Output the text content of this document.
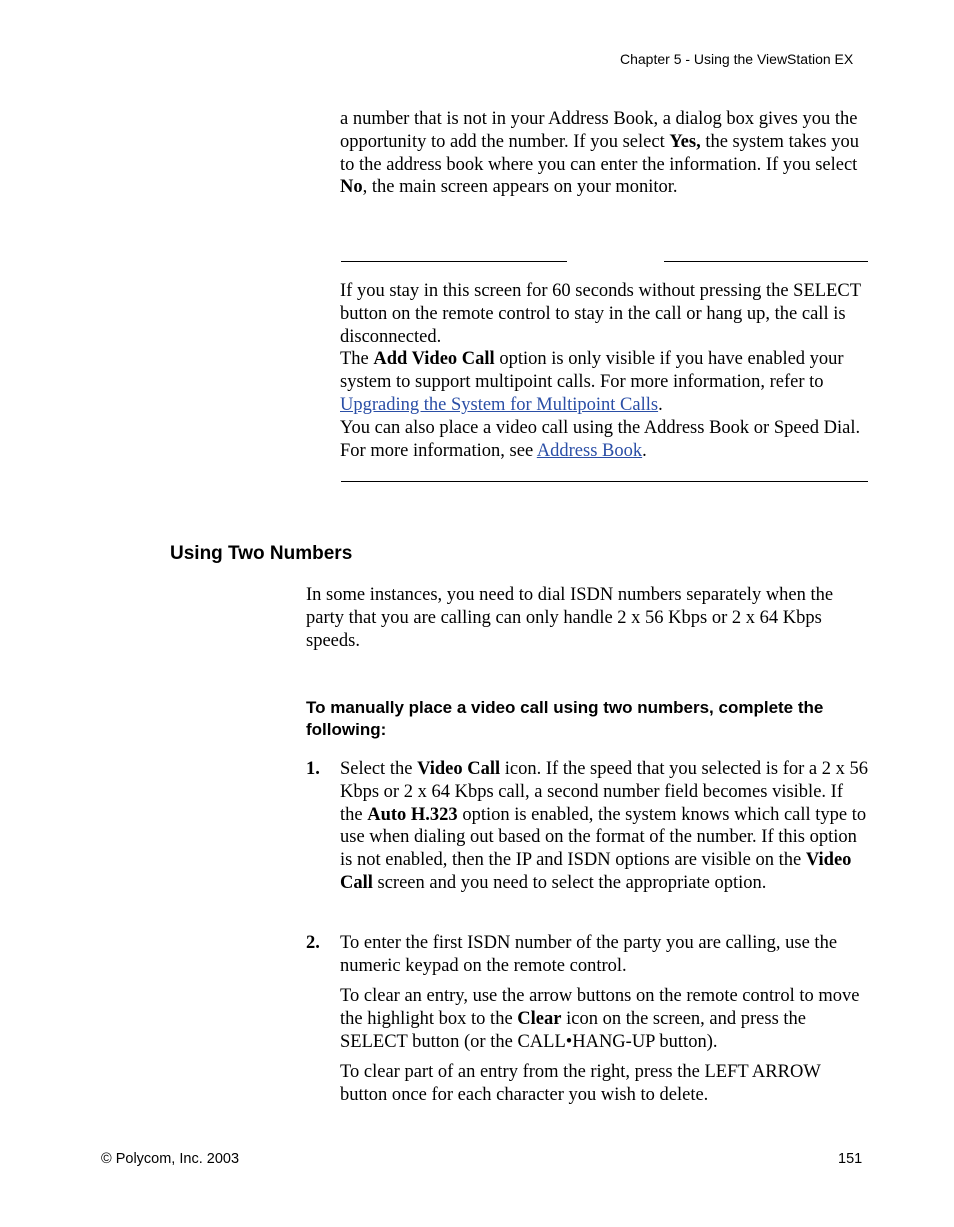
Chapter 5 - Using the ViewStation EX

a number that is not in your Address Book, a dialog box gives you the opportunity to add the number. If you select Yes, the system takes you to the address book where you can enter the information. If you select No, the main screen appears on your monitor.

If you stay in this screen for 60 seconds without pressing the SELECT button on the remote control to stay in the call or hang up, the call is disconnected.

The Add Video Call option is only visible if you have enabled your system to support multipoint calls. For more information, refer to Upgrading the System for Multipoint Calls.

You can also place a video call using the Address Book or Speed Dial. For more information, see Address Book.

Using Two Numbers

In some instances, you need to dial ISDN numbers separately when the party that you are calling can only handle 2 x 56 Kbps or 2 x 64 Kbps speeds.

To manually place a video call using two numbers, complete the following:

1. Select the Video Call icon. If the speed that you selected is for a 2 x 56 Kbps or 2 x 64 Kbps call, a second number field becomes visible. If the Auto H.323 option is enabled, the system knows which call type to use when dialing out based on the format of the number. If this option is not enabled, then the IP and ISDN options are visible on the Video Call screen and you need to select the appropriate option.

2. To enter the first ISDN number of the party you are calling, use the numeric keypad on the remote control.

To clear an entry, use the arrow buttons on the remote control to move the highlight box to the Clear icon on the screen, and press the SELECT button (or the CALL•HANG-UP button).

To clear part of an entry from the right, press the LEFT ARROW button once for each character you wish to delete.

© Polycom, Inc. 2003	151
